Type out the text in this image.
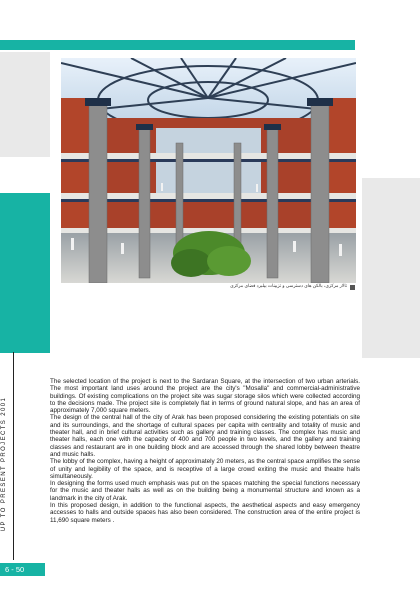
UP TO PRESENT PROJECTS 2001
6 - 50
تالار مرکزی، بالکن های دسترسی و تزیینات بیلبرد فضای مرکزی

The selected location of the project is next to the Sardaran Square, at the intersection of two urban arterials. The most important land uses around the project are the city's "Mosalla" and commercial-administrative buildings. Of existing complications on the project site was sugar storage silos which were collected according to the decisions made. The project site is completely flat in terms of ground natural slope, and has an area of approximately 7,000 square meters.

The design of the central hall of the city of Arak has been proposed considering the existing potentials on site and its surroundings, and the shortage of cultural spaces per capita with centrality and totality of music and theater hall, and in brief cultural activities such as gallery and training classes. The complex has music and theater halls, each one with the capacity of 400 and 700 people in two levels, and the gallery and training classes and restaurant are in one building block and are accessed through the shared lobby between theatre and music halls.

The lobby of the complex, having a height of approximately 20 meters, as the central space amplifies the sense of unity and legibility of the space, and is receptive of a large crowd exiting the music and theatre halls simultaneously.

In designing the forms used much emphasis was put on the spaces matching the special functions necessary for the music and theater halls as well as on the building being a monumental structure and known as a landmark in the city of Arak.

In this proposed design, in addition to the functional aspects, the aesthetical aspects and easy emergency accesses to halls and outside spaces has also been considered. The construction area of the entire project is 11,690 square meters .
